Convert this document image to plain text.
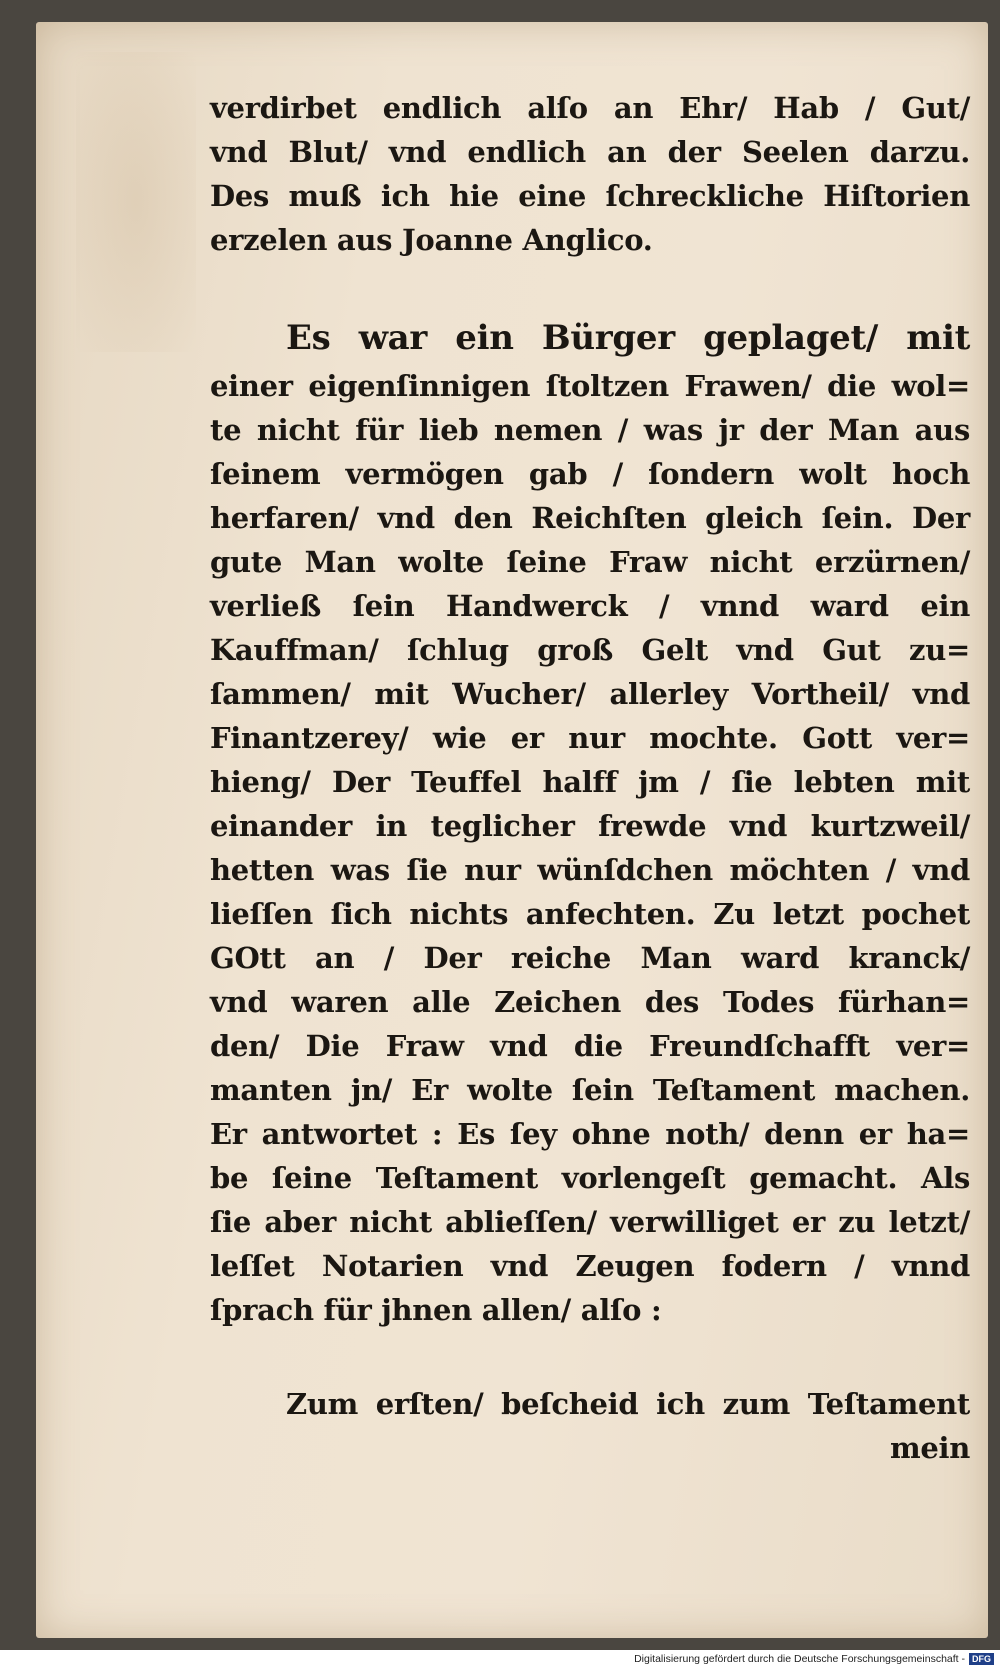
verdirbet endlich alſo an Ehr/ Hab / Gut/
vnd Blut/ vnd endlich an der Seelen darzu.
Des muß ich hie eine ſchreckliche Hiſtorien
erzelen aus Joanne Anglico.
Es war ein Bürger geplaget/ mit
einer eigenſinnigen ſtoltzen Frawen/ die wol=
te nicht für lieb nemen / was jr der Man aus
ſeinem vermögen gab / ſondern wolt hoch
herfaren/ vnd den Reichſten gleich ſein. Der
gute Man wolte ſeine Fraw nicht erzürnen/
verließ ſein Handwerck / vnnd ward ein
Kauffman/ ſchlug groß Gelt vnd Gut zu=
ſammen/ mit Wucher/ allerley Vortheil/ vnd
Finantzerey/ wie er nur mochte. Gott ver=
hieng/ Der Teuffel halff jm / ſie lebten mit
einander in teglicher frewde vnd kurtzweil/
hetten was ſie nur wünſdchen möchten / vnd
lieſſen ſich nichts anfechten. Zu letzt pochet
GOtt an / Der reiche Man ward kranck/
vnd waren alle Zeichen des Todes fürhan=
den/ Die Fraw vnd die Freundſchafft ver=
manten jn/ Er wolte ſein Teſtament machen.
Er antwortet : Es ſey ohne noth/ denn er ha=
be ſeine Teſtament vorlengeſt gemacht. Als
ſie aber nicht ablieſſen/ verwilliget er zu letzt/
leſſet Notarien vnd Zeugen fodern / vnnd
ſprach für jhnen allen/ alſo :
Zum erſten/ beſcheid ich zum Teſtament
mein
Digitalisierung gefördert durch die Deutsche Forschungsgemeinschaft - DFG
